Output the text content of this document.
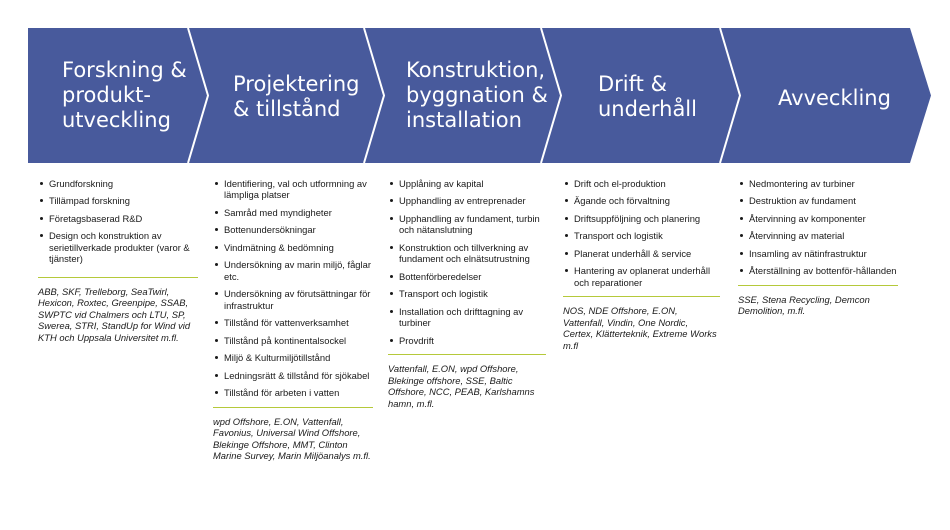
Forskning & produkt-utveckling
Projektering & tillstånd
Konstruktion, byggnation & installation
Drift & underhåll	Avveckling
Grundforskning
Tillämpad forskning
Företagsbaserad R&D
Design och konstruktion av serietillverkade produkter (varor & tjänster)
ABB, SKF, Trelleborg, SeaTwirl, Hexicon, Roxtec, Greenpipe, SSAB, SWPTC vid Chalmers och LTU, SP, Swerea, STRI, StandUp for Wind vid KTH och Uppsala Universitet m.fl.
Identifiering, val och utformning av lämpliga platser
Samråd med myndigheter
Bottenundersökningar
Vindmätning & bedömning
Undersökning av marin miljö, fåglar etc.
Undersökning av förutsättningar för infrastruktur
Tillstånd för vattenverksamhet
Tillstånd på kontinentalsockel
Miljö & Kulturmiljötillstånd
Ledningsrätt & tillstånd för sjökabel
Tillstånd för arbeten i vatten
wpd Offshore, E.ON, Vattenfall, Favonius, Universal Wind Offshore, Blekinge Offshore, MMT, Clinton Marine Survey, Marin Miljöanalys m.fl.
Upplåning av kapital
Upphandling av entreprenader
Upphandling av fundament, turbin och nätanslutning
Konstruktion och tillverkning av fundament och elnätsutrustning
Bottenförberedelser
Transport och logistik
Installation och drifttagning av turbiner
Provdrift
Vattenfall, E.ON, wpd Offshore, Blekinge offshore, SSE, Baltic Offshore, NCC, PEAB, Karlshamns hamn, m.fl.
Drift och el-produktion
Ägande och förvaltning
Driftsuppföljning och planering
Transport och logistik
Planerat underhåll & service
Hantering av oplanerat underhåll och reparationer
NOS, NDE Offshore, E.ON, Vattenfall, Vindin, One Nordic, Certex, Klätterteknik, Extreme Works m.fl
Nedmontering av turbiner
Destruktion av fundament
Återvinning av komponenter
Återvinning av material
Insamling av nätinfrastruktur
Återställning av bottenför-hållanden
SSE, Stena Recycling, Demcon Demolition, m.fl.
